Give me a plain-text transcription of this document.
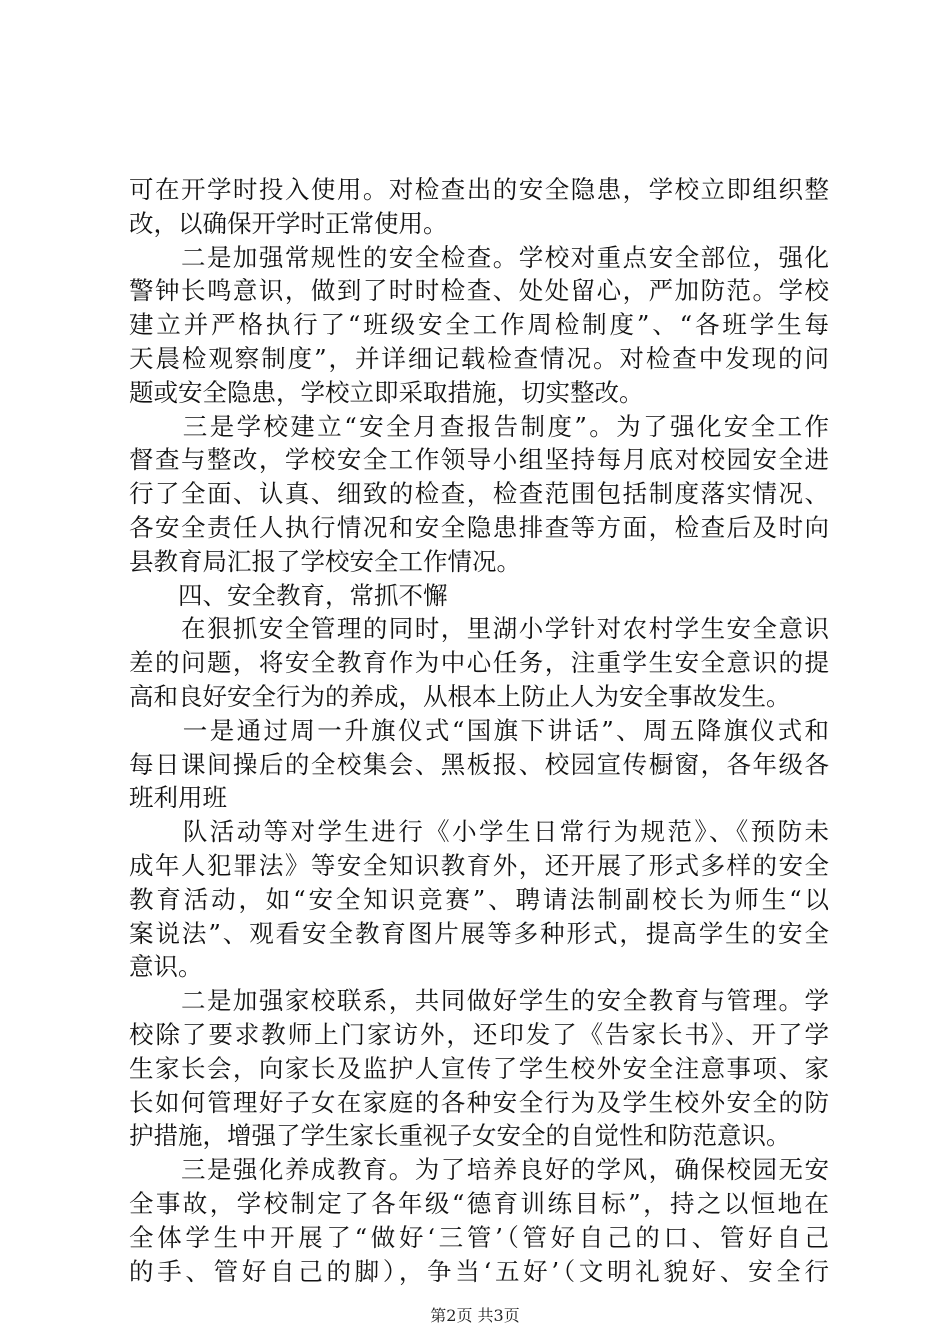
可在开学时投入使用。对检查出的安全隐患，学校立即组织整
改，以确保开学时正常使用。
　　二是加强常规性的安全检查。学校对重点安全部位，强化
警钟长鸣意识，做到了时时检查、处处留心，严加防范。学校
建立并严格执行了“班级安全工作周检制度”、“各班学生每
天晨检观察制度”，并详细记载检查情况。对检查中发现的问
题或安全隐患，学校立即采取措施，切实整改。
　　三是学校建立“安全月查报告制度”。为了强化安全工作
督查与整改，学校安全工作领导小组坚持每月底对校园安全进
行了全面、认真、细致的检查，检查范围包括制度落实情况、
各安全责任人执行情况和安全隐患排查等方面，检查后及时向
县教育局汇报了学校安全工作情况。
　　四、安全教育，常抓不懈
　　在狠抓安全管理的同时，里湖小学针对农村学生安全意识
差的问题，将安全教育作为中心任务，注重学生安全意识的提
高和良好安全行为的养成，从根本上防止人为安全事故发生。
　　一是通过周一升旗仪式“国旗下讲话”、周五降旗仪式和
每日课间操后的全校集会、黑板报、校园宣传橱窗，各年级各
班利用班
　　队活动等对学生进行《小学生日常行为规范》、《预防未
成年人犯罪法》等安全知识教育外，还开展了形式多样的安全
教育活动，如“安全知识竞赛”、聘请法制副校长为师生“以
案说法”、观看安全教育图片展等多种形式，提高学生的安全
意识。
　　二是加强家校联系，共同做好学生的安全教育与管理。学
校除了要求教师上门家访外，还印发了《告家长书》、开了学
生家长会，向家长及监护人宣传了学生校外安全注意事项、家
长如何管理好子女在家庭的各种安全行为及学生校外安全的防
护措施，增强了学生家长重视子女安全的自觉性和防范意识。
　　三是强化养成教育。为了培养良好的学风，确保校园无安
全事故，学校制定了各年级“德育训练目标”，持之以恒地在
全体学生中开展了“做好‘三管’（管好自己的口、管好自己
的手、管好自己的脚），争当‘五好’（文明礼貌好、安全行
第2页 共3页
